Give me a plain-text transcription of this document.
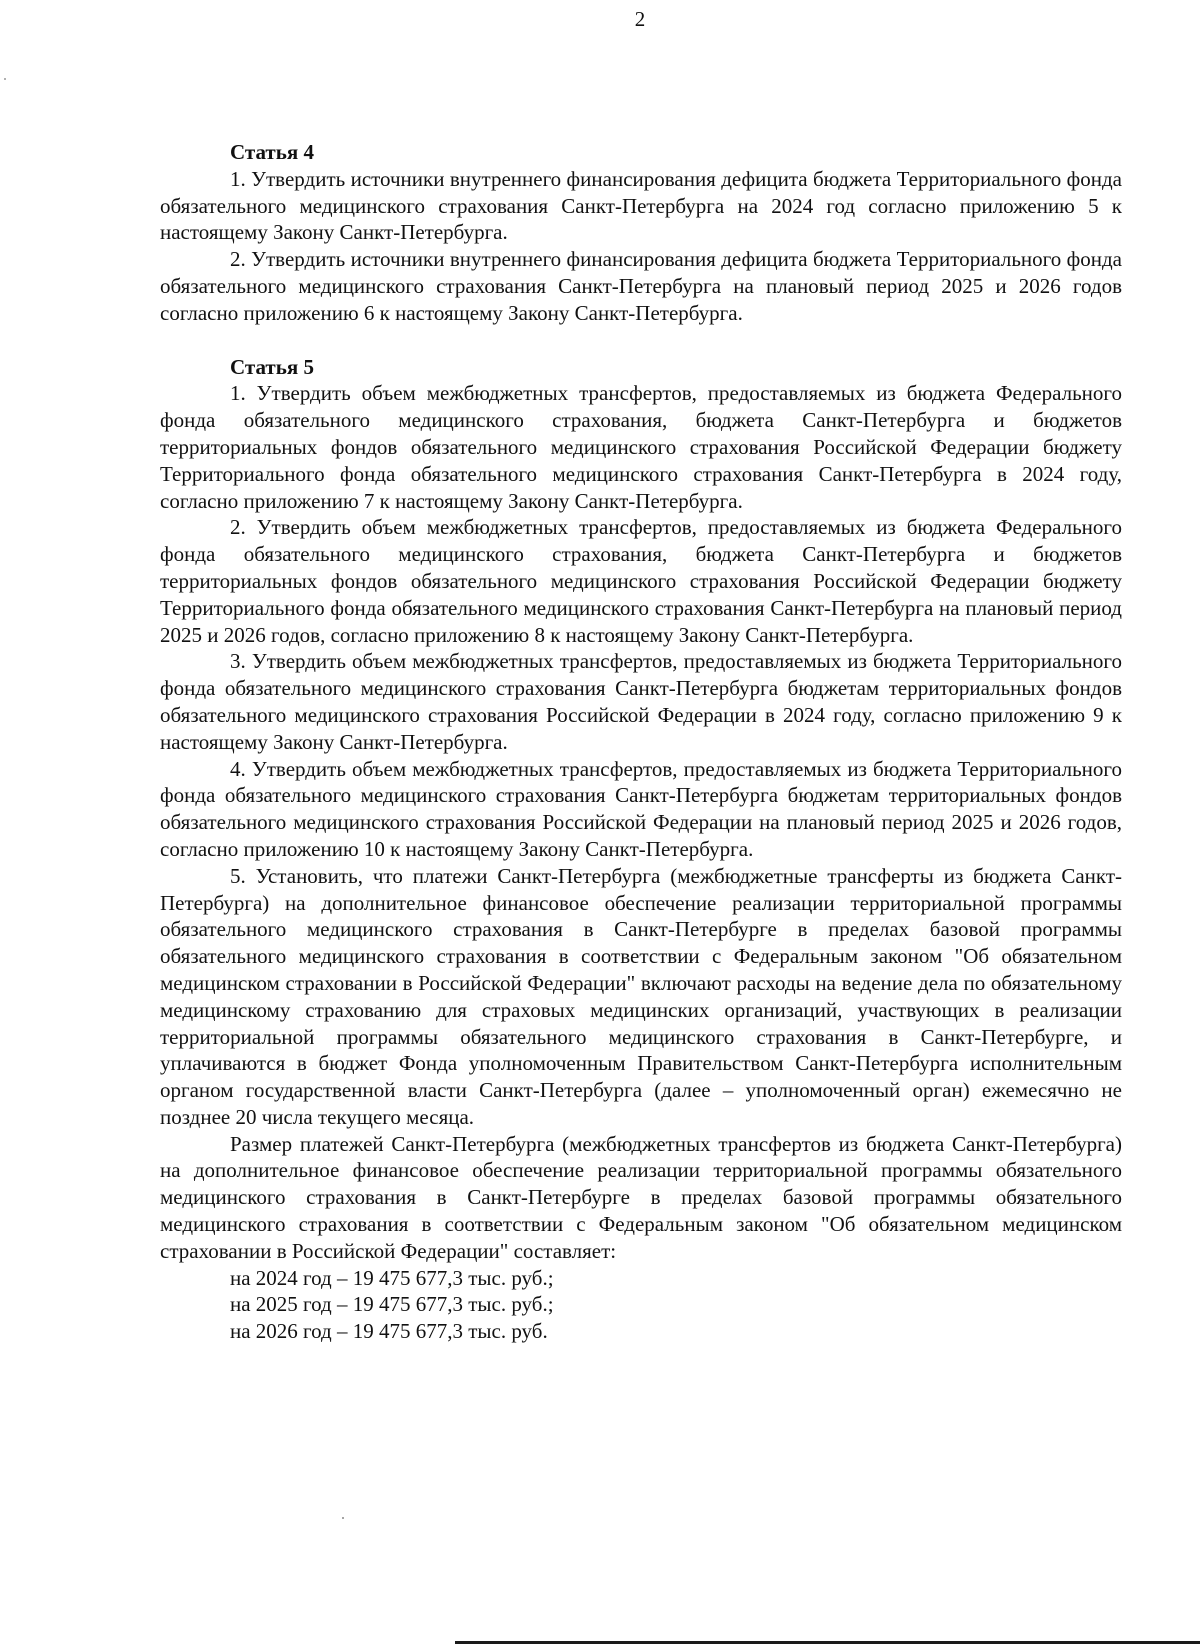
2

Статья 4

1. Утвердить источники внутреннего финансирования дефицита бюджета Территориального фонда обязательного медицинского страхования Санкт-Петербурга на 2024 год согласно приложению 5 к настоящему Закону Санкт-Петербурга.

2. Утвердить источники внутреннего финансирования дефицита бюджета Территориального фонда обязательного медицинского страхования Санкт-Петербурга на плановый период 2025 и 2026 годов согласно приложению 6 к настоящему Закону Санкт-Петербурга.

Статья 5

1. Утвердить объем межбюджетных трансфертов, предоставляемых из бюджета Федерального фонда обязательного медицинского страхования, бюджета Санкт-Петербурга и бюджетов территориальных фондов обязательного медицинского страхования Российской Федерации бюджету Территориального фонда обязательного медицинского страхования Санкт-Петербурга в 2024 году, согласно приложению 7 к настоящему Закону Санкт-Петербурга.

2. Утвердить объем межбюджетных трансфертов, предоставляемых из бюджета Федерального фонда обязательного медицинского страхования, бюджета Санкт-Петербурга и бюджетов территориальных фондов обязательного медицинского страхования Российской Федерации бюджету Территориального фонда обязательного медицинского страхования Санкт-Петербурга на плановый период 2025 и 2026 годов, согласно приложению 8 к настоящему Закону Санкт-Петербурга.

3. Утвердить объем межбюджетных трансфертов, предоставляемых из бюджета Территориального фонда обязательного медицинского страхования Санкт-Петербурга бюджетам территориальных фондов обязательного медицинского страхования Российской Федерации в 2024 году, согласно приложению 9 к настоящему Закону Санкт-Петербурга.

4. Утвердить объем межбюджетных трансфертов, предоставляемых из бюджета Территориального фонда обязательного медицинского страхования Санкт-Петербурга бюджетам территориальных фондов обязательного медицинского страхования Российской Федерации на плановый период 2025 и 2026 годов, согласно приложению 10 к настоящему Закону Санкт-Петербурга.

5. Установить, что платежи Санкт-Петербурга (межбюджетные трансферты из бюджета Санкт-Петербурга) на дополнительное финансовое обеспечение реализации территориальной программы обязательного медицинского страхования в Санкт-Петербурге в пределах базовой программы обязательного медицинского страхования в соответствии с Федеральным законом "Об обязательном медицинском страховании в Российской Федерации" включают расходы на ведение дела по обязательному медицинскому страхованию для страховых медицинских организаций, участвующих в реализации территориальной программы обязательного медицинского страхования в Санкт-Петербурге, и уплачиваются в бюджет Фонда уполномоченным Правительством Санкт-Петербурга исполнительным органом государственной власти Санкт-Петербурга (далее – уполномоченный орган) ежемесячно не позднее 20 числа текущего месяца.

Размер платежей Санкт-Петербурга (межбюджетных трансфертов из бюджета Санкт-Петербурга) на дополнительное финансовое обеспечение реализации территориальной программы обязательного медицинского страхования в Санкт-Петербурге в пределах базовой программы обязательного медицинского страхования в соответствии с Федеральным законом "Об обязательном медицинском страховании в Российской Федерации" составляет:

на 2024 год – 19 475 677,3 тыс. руб.;

на 2025 год – 19 475 677,3 тыс. руб.;

на 2026 год – 19 475 677,3 тыс. руб.
